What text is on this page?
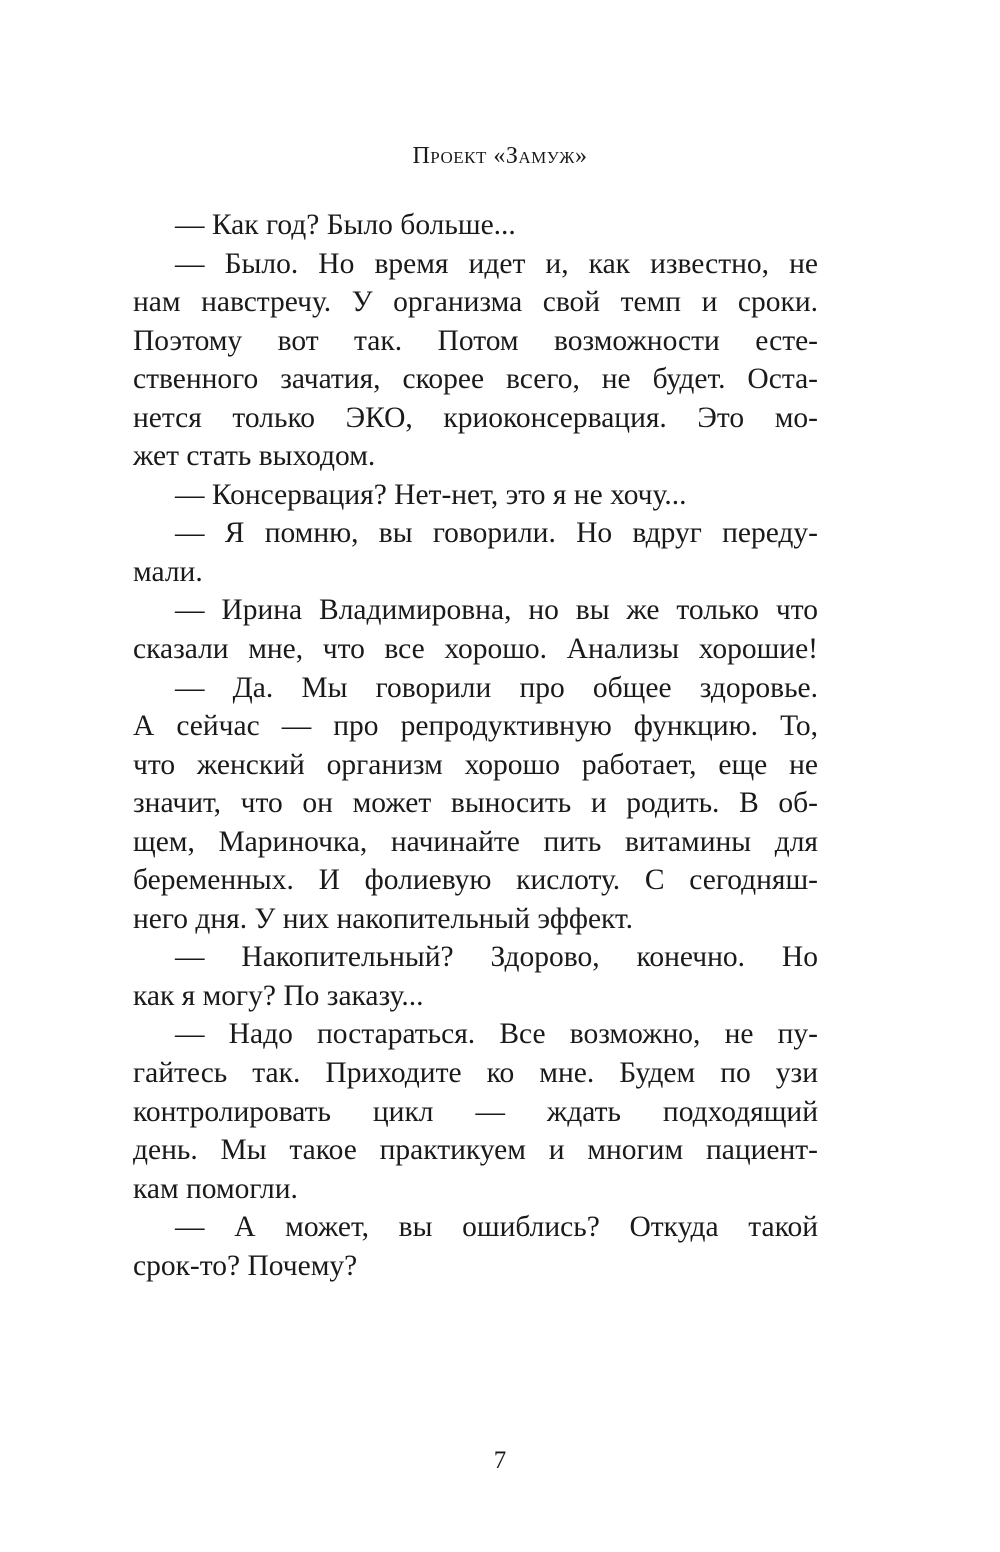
Проект «Замуж»
— Как год? Было больше...
— Было. Но время идет и, как известно, не
нам навстречу. У организма свой темп и сроки.
Поэтому вот так. Потом возможности есте-
ственного зачатия, скорее всего, не будет. Оста-
нется только ЭКО, криоконсервация. Это мо-
жет стать выходом.
— Консервация? Нет-нет, это я не хочу...
— Я помню, вы говорили. Но вдруг переду-
мали.
— Ирина Владимировна, но вы же только что
сказали мне, что все хорошо. Анализы хорошие!
— Да. Мы говорили про общее здоровье.
А сейчас — про репродуктивную функцию. То,
что женский организм хорошо работает, еще не
значит, что он может выносить и родить. В об-
щем, Мариночка, начинайте пить витамины для
беременных. И фолиевую кислоту. С сегодняш-
него дня. У них накопительный эффект.
— Накопительный? Здорово, конечно. Но
как я могу? По заказу...
— Надо постараться. Все возможно, не пу-
гайтесь так. Приходите ко мне. Будем по узи
контролировать цикл — ждать подходящий
день. Мы такое практикуем и многим пациент-
кам помогли.
— А может, вы ошиблись? Откуда такой
срок-то? Почему?
7
